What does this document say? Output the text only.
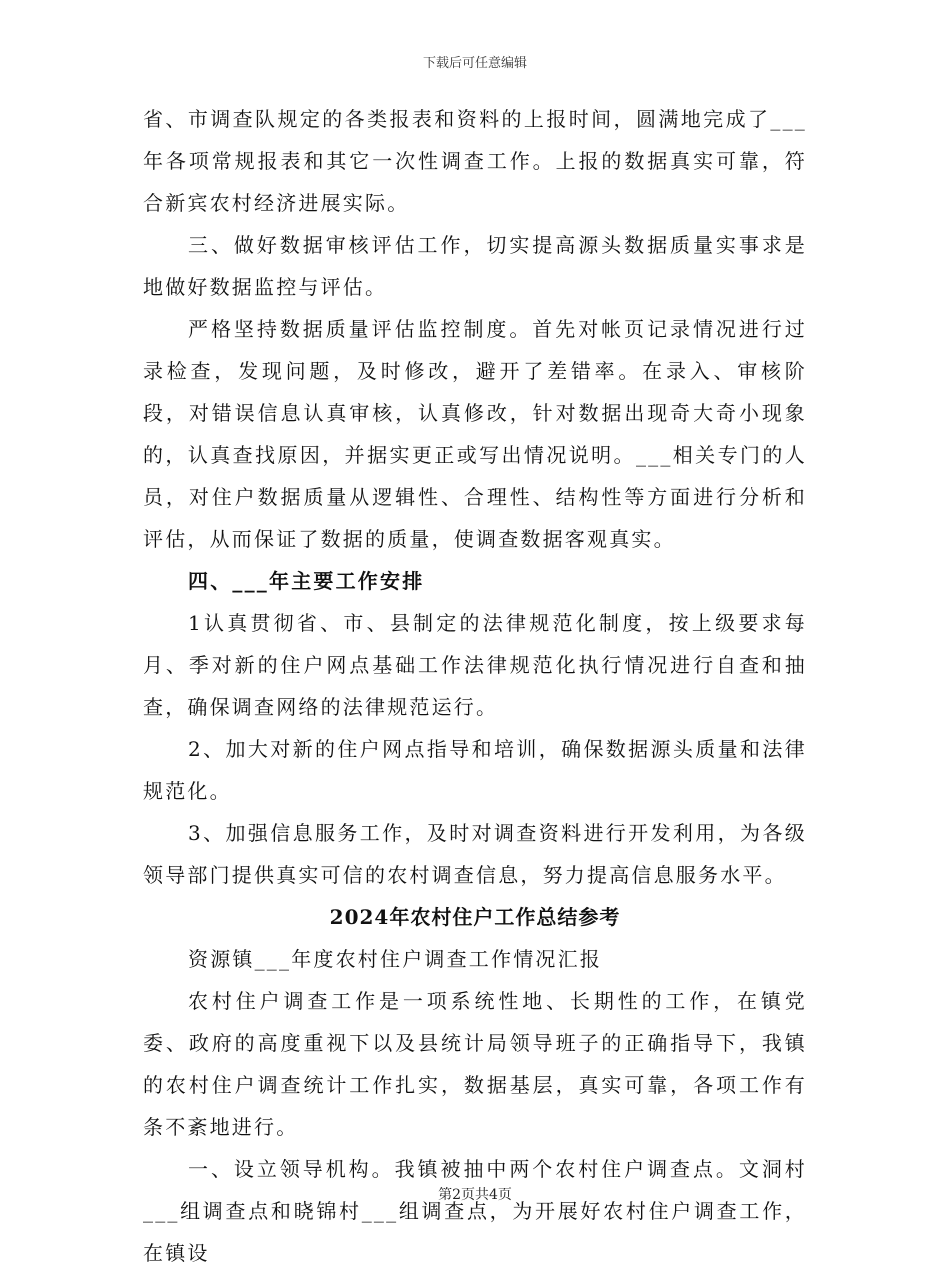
下载后可任意编辑

省、市调查队规定的各类报表和资料的上报时间，圆满地完成了___年各项常规报表和其它一次性调查工作。上报的数据真实可靠，符合新宾农村经济进展实际。

三、做好数据审核评估工作，切实提高源头数据质量实事求是地做好数据监控与评估。

严格坚持数据质量评估监控制度。首先对帐页记录情况进行过录检查，发现问题，及时修改，避开了差错率。在录入、审核阶段，对错误信息认真审核，认真修改，针对数据出现奇大奇小现象的，认真查找原因，并据实更正或写出情况说明。___相关专门的人员，对住户数据质量从逻辑性、合理性、结构性等方面进行分析和评估，从而保证了数据的质量，使调查数据客观真实。

四、___年主要工作安排

1认真贯彻省、市、县制定的法律规范化制度，按上级要求每月、季对新的住户网点基础工作法律规范化执行情况进行自查和抽查，确保调查网络的法律规范运行。

2、加大对新的住户网点指导和培训，确保数据源头质量和法律规范化。

3、加强信息服务工作，及时对调查资料进行开发利用，为各级领导部门提供真实可信的农村调查信息，努力提高信息服务水平。

2024年农村住户工作总结参考

资源镇___年度农村住户调查工作情况汇报

农村住户调查工作是一项系统性地、长期性的工作，在镇党委、政府的高度重视下以及县统计局领导班子的正确指导下，我镇的农村住户调查统计工作扎实，数据基层，真实可靠，各项工作有条不紊地进行。

一、设立领导机构。我镇被抽中两个农村住户调查点。文洞村___组调查点和晓锦村___组调查点，为开展好农村住户调查工作，在镇设

第2页共4页
